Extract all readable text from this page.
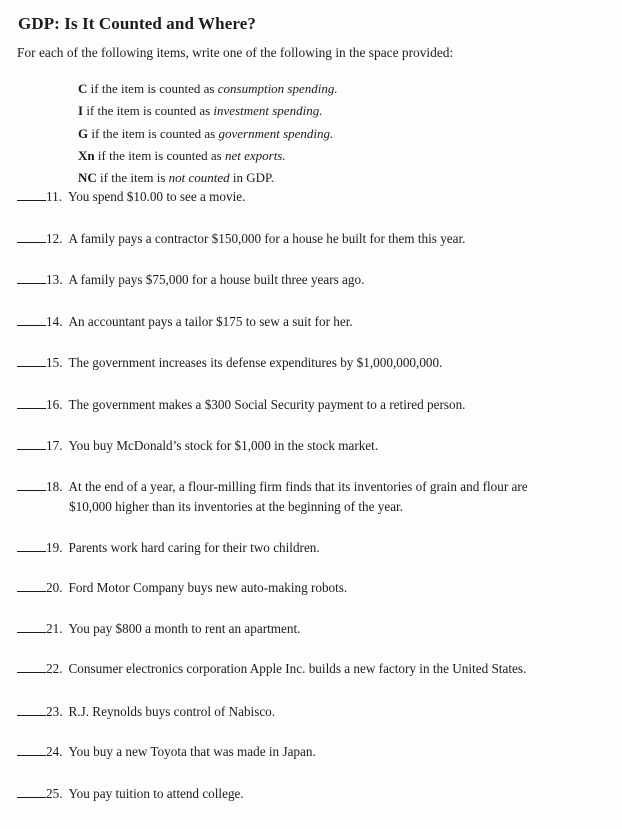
GDP: Is It Counted and Where?

For each of the following items, write one of the following in the space provided:

C if the item is counted as consumption spending.
I if the item is counted as investment spending.
G if the item is counted as government spending.
Xn if the item is counted as net exports.
NC if the item is not counted in GDP.
11. You spend $10.00 to see a movie.
12. A family pays a contractor $150,000 for a house he built for them this year.
13. A family pays $75,000 for a house built three years ago.
14. An accountant pays a tailor $175 to sew a suit for her.
15. The government increases its defense expenditures by $1,000,000,000.
16. The government makes a $300 Social Security payment to a retired person.
17. You buy McDonald’s stock for $1,000 in the stock market.
18. At the end of a year, a flour-milling firm finds that its inventories of grain and flour are
$10,000 higher than its inventories at the beginning of the year.
19. Parents work hard caring for their two children.
20. Ford Motor Company buys new auto-making robots.
21. You pay $800 a month to rent an apartment.
22. Consumer electronics corporation Apple Inc. builds a new factory in the United States.
23. R.J. Reynolds buys control of Nabisco.
24. You buy a new Toyota that was made in Japan.
25. You pay tuition to attend college.
